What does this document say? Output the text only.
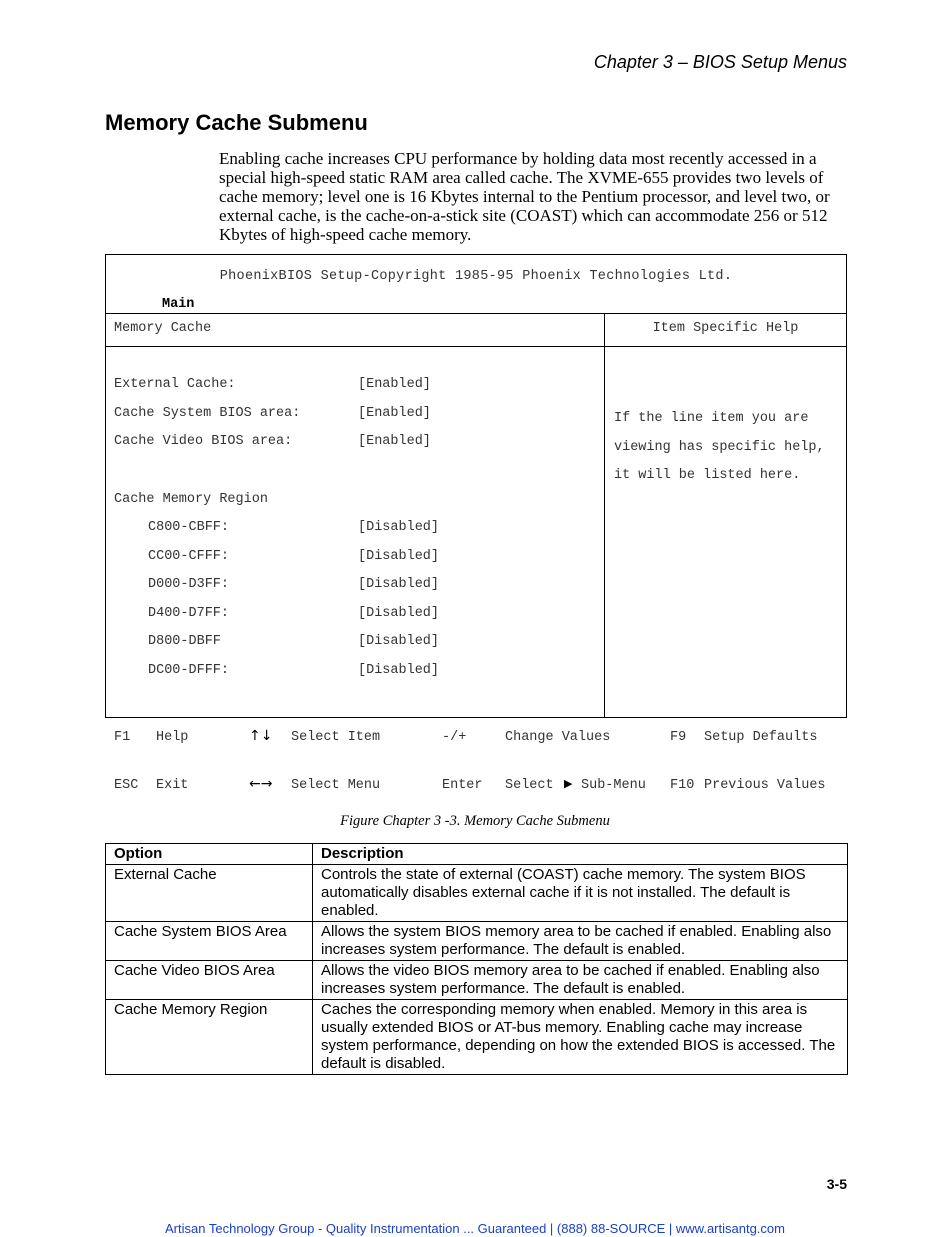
Chapter 3 – BIOS Setup Menus
Memory Cache Submenu

Enabling cache increases CPU performance by holding data most recently accessed in a special high-speed static RAM area called cache. The XVME-655 provides two levels of cache memory; level one is 16 Kbytes internal to the Pentium processor, and level two, or external cache, is the cache-on-a-stick site (COAST) which can accommodate 256 or 512 Kbytes of high-speed cache memory.

PhoenixBIOS Setup-Copyright 1985-95 Phoenix Technologies Ltd.
Main
Memory Cache	Item Specific Help
External Cache:	[Enabled]
Cache System BIOS area:	[Enabled]
Cache Video BIOS area:	[Enabled]
Cache Memory Region
C800-CBFF:	[Disabled]
CC00-CFFF:	[Disabled]
D000-D3FF:	[Disabled]
D400-D7FF:	[Disabled]
D800-DBFF	[Disabled]
DC00-DFFF:	[Disabled]
If the line item you are viewing has specific help, it will be listed here.
F1 Help	↑↓ Select Item	-/+	Change Values	F9 Setup Defaults
ESC Exit	←→ Select Menu	Enter Select ▶ Sub-Menu F10 Previous Values
Figure Chapter 3 -3. Memory Cache Submenu
Option	Description
External Cache	Controls the state of external (COAST) cache memory. The system BIOS automatically disables external cache if it is not installed. The default is enabled.
Cache System BIOS Area	Allows the system BIOS memory area to be cached if enabled. Enabling also increases system performance. The default is enabled.
Cache Video BIOS Area	Allows the video BIOS memory area to be cached if enabled. Enabling also increases system performance. The default is enabled.
Cache Memory Region	Caches the corresponding memory when enabled. Memory in this area is usually extended BIOS or AT-bus memory. Enabling cache may increase system performance, depending on how the extended BIOS is accessed. The default is disabled.
3-5
Artisan Technology Group - Quality Instrumentation ... Guaranteed | (888) 88-SOURCE | www.artisantg.com
